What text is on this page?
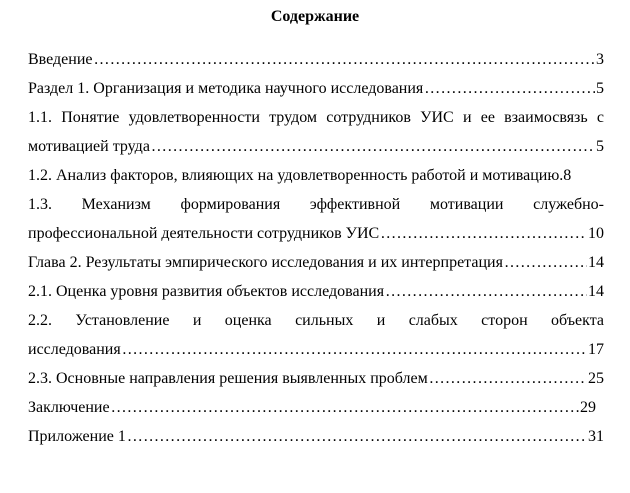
Содержание
Введение ……………………………………………………………………………………………………………………………………………………………………………	3
Раздел 1. Организация и методика научного исследования ……………………………………………………………………………………………………………………………………………………………………………	5
1.1. Понятие удовлетворенности трудом сотрудников УИС и ее взаимосвязь с
мотивацией труда ……………………………………………………………………………………………………………………………………………………………………………	5
1.2. Анализ факторов, влияющих на удовлетворенность работой и мотивацию. 8
1.3. Механизм формирования эффективной мотивации служебно-
профессиональной деятельности сотрудников УИС ……………………………………………………………………………………………………………………………………………………………………………	10
Глава 2. Результаты эмпирического исследования и их интерпретация ……………………………………………………………………………………………………………………………………………………………………………	14
2.1. Оценка уровня развития объектов исследования ……………………………………………………………………………………………………………………………………………………………………………	14
2.2. Установление и оценка сильных и слабых сторон объекта
исследования ……………………………………………………………………………………………………………………………………………………………………………	17
2.3. Основные направления решения выявленных проблем ……………………………………………………………………………………………………………………………………………………………………………	25
Заключение ……………………………………………………………………………………………………………………………………………………………………………	29
Приложение 1 ……………………………………………………………………………………………………………………………………………………………………………	31
